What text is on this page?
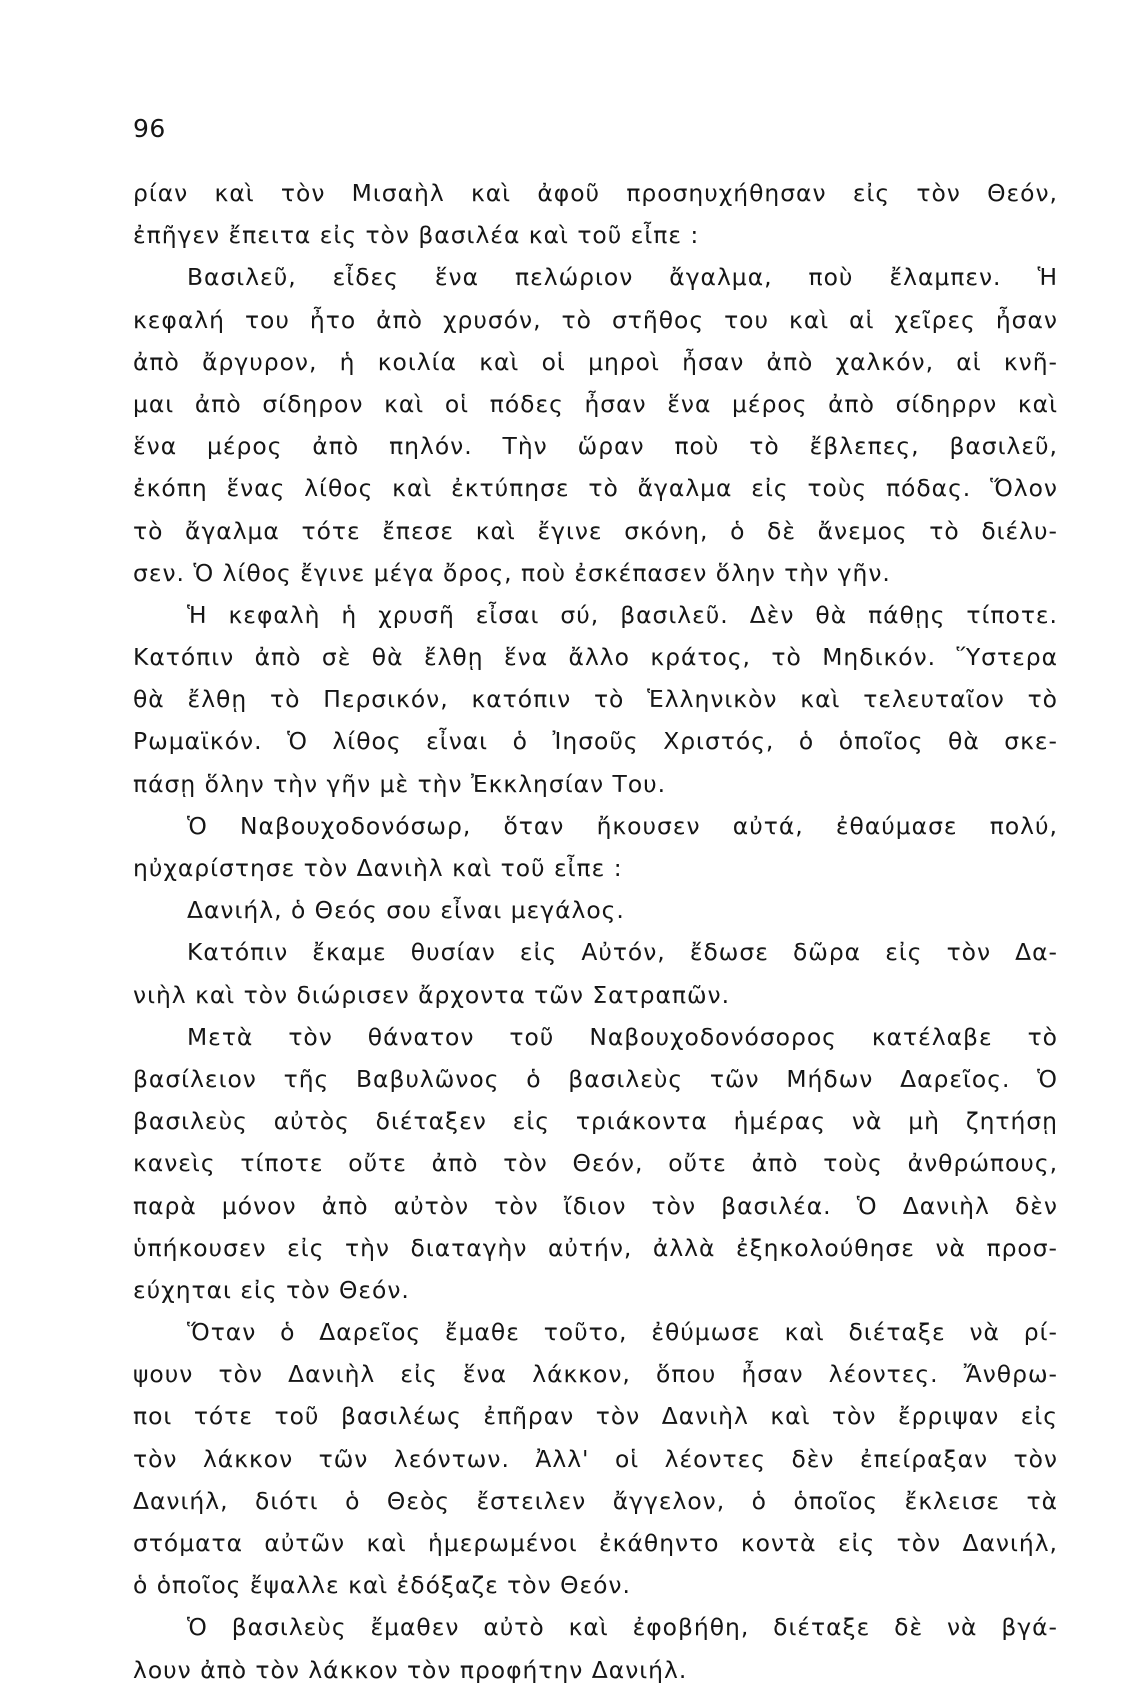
96
ρίαν καὶ τὸν Μισαὴλ καὶ ἀφοῦ προσηυχήθησαν εἰς τὸν Θεόν,
ἐπῆγεν ἔπειτα εἰς τὸν βασιλέα καὶ τοῦ εἶπε :
Βασιλεῦ, εἶδες ἕνα πελώριον ἄγαλμα, ποὺ ἔλαμπεν. Ἡ
κεφαλή του ἦτο ἀπὸ χρυσόν, τὸ στῆθος του καὶ αἱ χεῖρες ἦσαν
ἀπὸ ἄργυρον, ἡ κοιλία καὶ οἱ μηροὶ ἦσαν ἀπὸ χαλκόν, αἱ κνῆ-
μαι ἀπὸ σίδηρον καὶ οἱ πόδες ἦσαν ἕνα μέρος ἀπὸ σίδηρρν καὶ
ἕνα μέρος ἀπὸ πηλόν. Τὴν ὥραν ποὺ τὸ ἔβλεπες, βασιλεῦ,
ἐκόπη ἕνας λίθος καὶ ἐκτύπησε τὸ ἄγαλμα εἰς τοὺς πόδας. Ὅλον
τὸ ἄγαλμα τότε ἔπεσε καὶ ἔγινε σκόνη, ὁ δὲ ἄνεμος τὸ διέλυ-
σεν. Ὁ λίθος ἔγινε μέγα ὄρος, ποὺ ἐσκέπασεν ὅλην τὴν γῆν.
Ἡ κεφαλὴ ἡ χρυσῆ εἶσαι σύ, βασιλεῦ. Δὲν θὰ πάθῃς τίποτε.
Κατόπιν ἀπὸ σὲ θὰ ἔλθῃ ἕνα ἄλλο κράτος, τὸ Μηδικόν. Ὕστερα
θὰ ἔλθῃ τὸ Περσικόν, κατόπιν τὸ Ἑλληνικὸν καὶ τελευταῖον τὸ
Ρωμαϊκόν. Ὁ λίθος εἶναι ὁ Ἰησοῦς Χριστός, ὁ ὁποῖος θὰ σκε-
πάσῃ ὅλην τὴν γῆν μὲ τὴν Ἐκκλησίαν Του.
Ὁ Ναβουχοδονόσωρ, ὅταν ἤκουσεν αὐτά, ἐθαύμασε πολύ,
ηὐχαρίστησε τὸν Δανιὴλ καὶ τοῦ εἶπε :
Δανιήλ, ὁ Θεός σου εἶναι μεγάλος.
Κατόπιν ἔκαμε θυσίαν εἰς Αὐτόν, ἔδωσε δῶρα εἰς τὸν Δα-
νιὴλ καὶ τὸν διώρισεν ἄρχοντα τῶν Σατραπῶν.
Μετὰ τὸν θάνατον τοῦ Ναβουχοδονόσορος κατέλαβε τὸ
βασίλειον τῆς Βαβυλῶνος ὁ βασιλεὺς τῶν Μήδων Δαρεῖος. Ὁ
βασιλεὺς αὐτὸς διέταξεν εἰς τριάκοντα ἡμέρας νὰ μὴ ζητήσῃ
κανεὶς τίποτε οὔτε ἀπὸ τὸν Θεόν, οὔτε ἀπὸ τοὺς ἀνθρώπους,
παρὰ μόνον ἀπὸ αὐτὸν τὸν ἴδιον τὸν βασιλέα. Ὁ Δανιὴλ δὲν
ὑπήκουσεν εἰς τὴν διαταγὴν αὐτήν, ἀλλὰ ἐξηκολούθησε νὰ προσ-
εύχηται εἰς τὸν Θεόν.
Ὅταν ὁ Δαρεῖος ἔμαθε τοῦτο, ἐθύμωσε καὶ διέταξε νὰ ρί-
ψουν τὸν Δανιὴλ εἰς ἕνα λάκκον, ὅπου ἦσαν λέοντες. Ἄνθρω-
ποι τότε τοῦ βασιλέως ἐπῆραν τὸν Δανιὴλ καὶ τὸν ἔρριψαν εἰς
τὸν λάκκον τῶν λεόντων. Ἀλλ' οἱ λέοντες δὲν ἐπείραξαν τὸν
Δανιήλ, διότι ὁ Θεὸς ἔστειλεν ἄγγελον, ὁ ὁποῖος ἔκλεισε τὰ
στόματα αὐτῶν καὶ ἡμερωμένοι ἐκάθηντο κοντὰ εἰς τὸν Δανιήλ,
ὁ ὁποῖος ἔψαλλε καὶ ἐδόξαζε τὸν Θεόν.
Ὁ βασιλεὺς ἔμαθεν αὐτὸ καὶ ἐφοβήθη, διέταξε δὲ νὰ βγά-
λουν ἀπὸ τὸν λάκκον τὸν προφήτην Δανιήλ.
